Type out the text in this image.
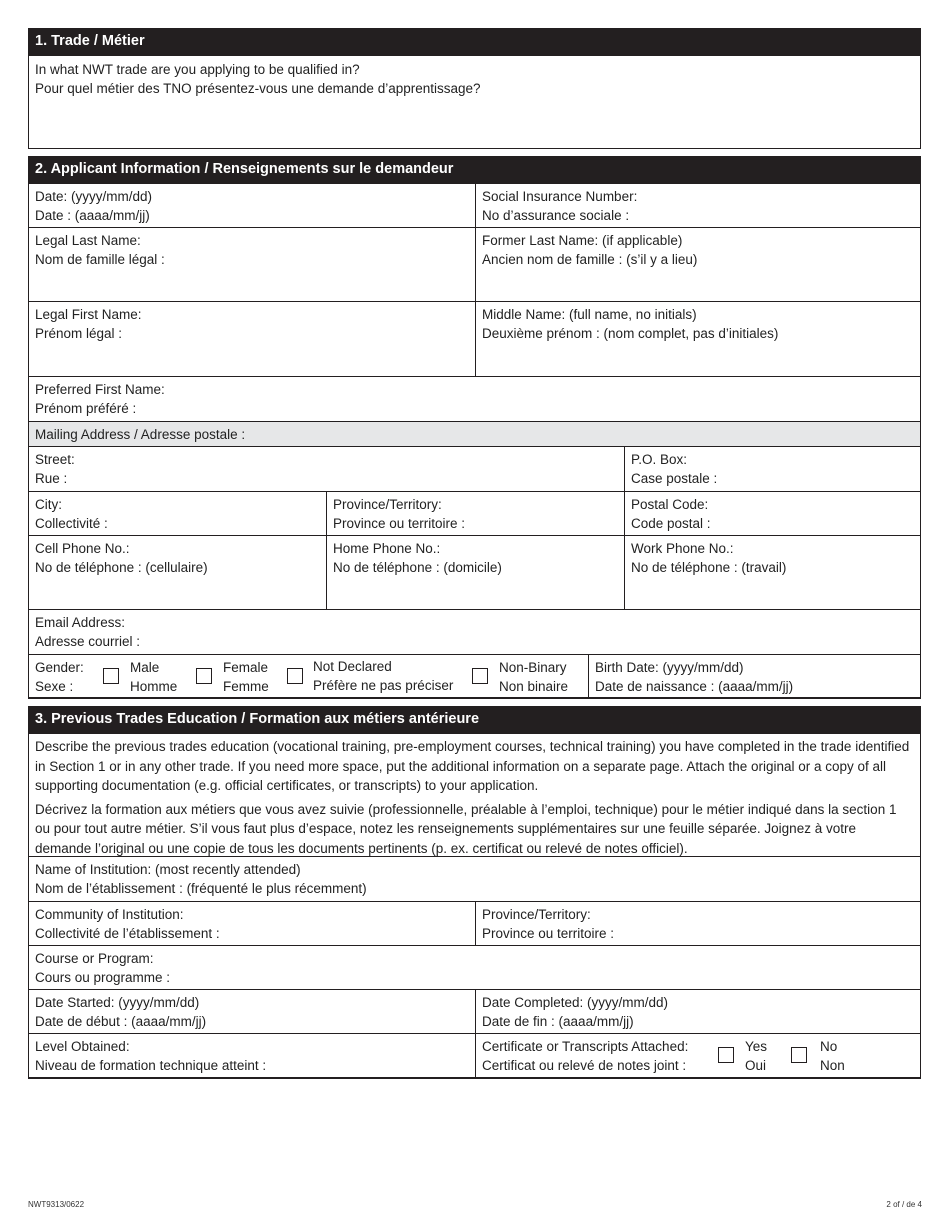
1. Trade / Métier
In what NWT trade are you applying to be qualified in?
Pour quel métier des TNO présentez-vous une demande d’apprentissage?
2. Applicant Information / Renseignements sur le demandeur
Date: (yyyy/mm/dd)
Date : (aaaa/mm/jj)
Social Insurance Number:
No d’assurance sociale :
Legal Last Name:
Nom de famille légal :
Former Last Name: (if applicable)
Ancien nom de famille : (s’il y a lieu)
Legal First Name:
Prénom légal :
Middle Name: (full name, no initials)
Deuxième prénom : (nom complet, pas d’initiales)
Preferred First Name:
Prénom préféré :
Mailing Address / Adresse postale :
Street:
Rue :
P.O. Box:
Case postale :
City:
Collectivité :
Province/Territory:
Province ou territoire :
Postal Code:
Code postal :
Cell Phone No.:
No de téléphone : (cellulaire)
Home Phone No.:
No de téléphone : (domicile)
Work Phone No.:
No de téléphone : (travail)
Email Address:
Adresse courriel :
Gender:
Sexe :
Male
Homme
Female
Femme
Not Declared
Préfère ne pas préciser
Non-Binary
Non binaire
Birth Date: (yyyy/mm/dd)
Date de naissance : (aaaa/mm/jj)
3. Previous Trades Education / Formation aux métiers antérieure

Describe the previous trades education (vocational training, pre-employment courses, technical training) you have completed in the trade identified in Section 1 or in any other trade. If you need more space, put the additional information on a separate page. Attach the original or a copy of all supporting documentation (e.g. official certificates, or transcripts) to your application.

Décrivez la formation aux métiers que vous avez suivie (professionnelle, préalable à l’emploi, technique) pour le métier indiqué dans la section 1 ou pour tout autre métier. S’il vous faut plus d’espace, notez les renseignements supplémentaires sur une feuille séparée. Joignez à votre demande l’original ou une copie de tous les documents pertinents (p. ex. certificat ou relevé de notes officiel).

Name of Institution: (most recently attended)
Nom de l’établissement : (fréquenté le plus récemment)
Community of Institution:
Collectivité de l’établissement :
Province/Territory:
Province ou territoire :
Course or Program:
Cours ou programme :
Date Started: (yyyy/mm/dd)
Date de début : (aaaa/mm/jj)
Date Completed: (yyyy/mm/dd)
Date de fin : (aaaa/mm/jj)
Level Obtained:
Niveau de formation technique atteint :
Certificate or Transcripts Attached:
Certificat ou relevé de notes joint :
Yes
Oui
No
Non
NWT9313/0622	2 of / de 4
